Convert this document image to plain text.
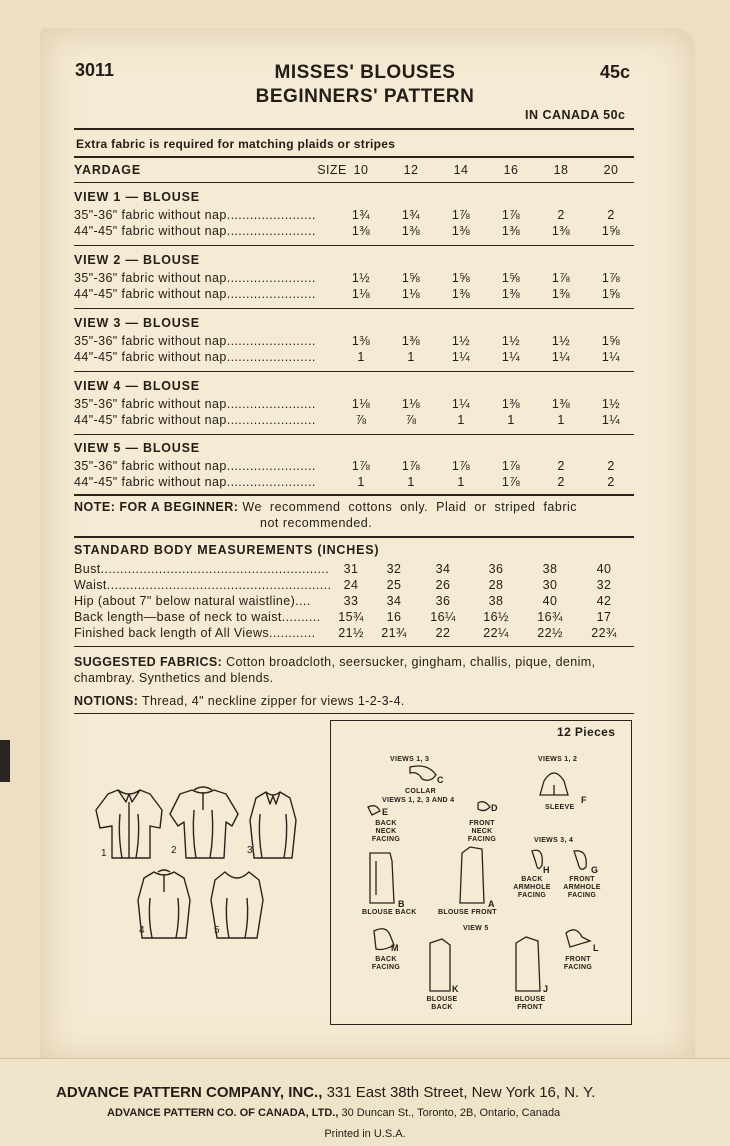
3011	MISSES' BLOUSES
BEGINNERS' PATTERN
45c
IN CANADA 50c
Extra fabric is required for matching plaids or stripes
YARDAGE	SIZE 10	12	14	16	18	20
VIEW 1 — BLOUSE
35"-36" fabric without nap.......................	1¾	1¾	1⅞	1⅞	2	2
44"-45" fabric without nap.......................	1⅜	1⅜	1⅜	1⅜	1⅜	1⅝
VIEW 2 — BLOUSE
35"-36" fabric without nap.......................	1½	1⅝	1⅝	1⅝	1⅞	1⅞
44"-45" fabric without nap.......................	1⅛	1⅛	1⅜	1⅜	1⅜	1⅝
VIEW 3 — BLOUSE
35"-36" fabric without nap.......................	1⅜	1⅜	1½	1½	1½	1⅝
44"-45" fabric without nap.......................	1	1	1¼	1¼	1¼	1¼
VIEW 4 — BLOUSE
35"-36" fabric without nap.......................	1⅛	1⅛	1¼	1⅜	1⅜	1½
44"-45" fabric without nap.......................	⅞	⅞	1	1	1	1¼
VIEW 5 — BLOUSE
35"-36" fabric without nap.......................	1⅞	1⅞	1⅞	1⅞	2	2
44"-45" fabric without nap.......................	1	1	1	1⅞	2	2
NOTE: FOR A BEGINNER: We recommend cottons only. Plaid or striped fabric
not recommended.
STANDARD BODY MEASUREMENTS (INCHES)
Bust...........................................................	31	32	34	36	38	40
Waist.......................................................... 24	25	26	28	30	32
Hip (about 7" below natural waistline)....	33	34	36	38	40	42
Back length—base of neck to waist..........	15¾	16	16¼	16½	16¾	17
Finished back length of All Views............	21½	21¾	22	22¼	22½	22¾
SUGGESTED FABRICS: Cotton broadcloth, seersucker, gingham, challis, pique, denim,
chambray. Synthetics and blends.
NOTIONS: Thread, 4" neckline zipper for views 1-2-3-4.
1	2	3
4	5
12 Pieces
VIEWS 1, 3
COLLAR
VIEWS 1, 2, 3 AND 4
VIEWS 1, 2
SLEEVE
BACK NECK FACING
FRONT NECK FACING	VIEWS 3, 4
BACK ARMHOLE FACING
FRONT ARMHOLE FACING
BLOUSE BACK	BLOUSE FRONT
VIEW 5
BACK FACING
FRONT FACING
BLOUSE BACK
BLOUSE FRONT
C
E	D
F
H	G
B	A
M
K	J
L
ADVANCE PATTERN COMPANY, INC., 331 East 38th Street, New York 16, N. Y.
ADVANCE PATTERN CO. OF CANADA, LTD., 30 Duncan St., Toronto, 2B, Ontario, Canada
Printed in U.S.A.
